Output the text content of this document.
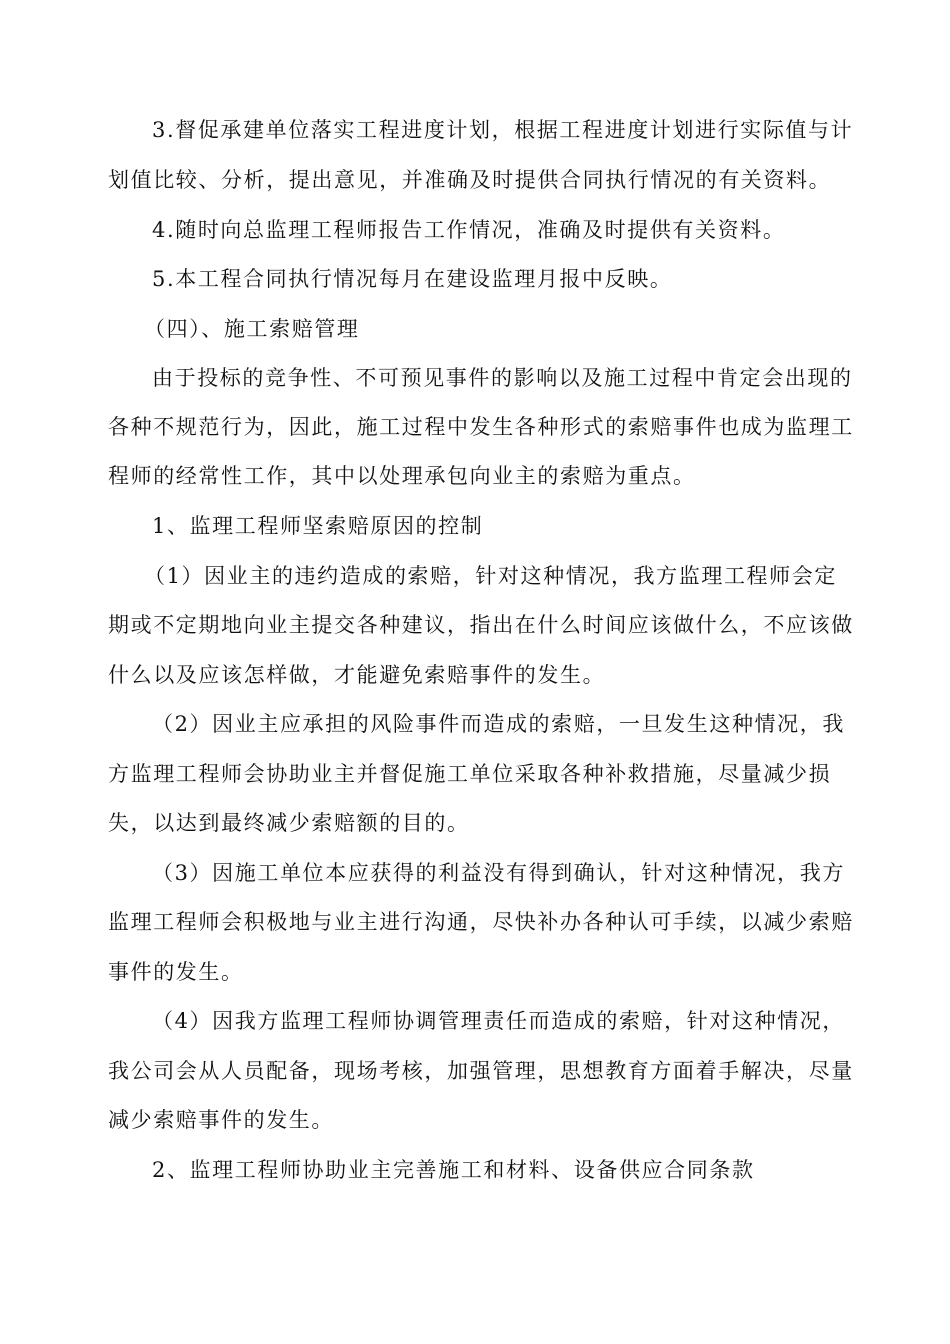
3.督促承建单位落实工程进度计划，根据工程进度计划进行实际值与计
划值比较、分析，提出意见，并准确及时提供合同执行情况的有关资料。
4.随时向总监理工程师报告工作情况，准确及时提供有关资料。
5.本工程合同执行情况每月在建设监理月报中反映。
（四）、施工索赔管理
由于投标的竞争性、不可预见事件的影响以及施工过程中肯定会出现的
各种不规范行为，因此，施工过程中发生各种形式的索赔事件也成为监理工
程师的经常性工作，其中以处理承包向业主的索赔为重点。
1、监理工程师坚索赔原因的控制
（1）因业主的违约造成的索赔，针对这种情况，我方监理工程师会定
期或不定期地向业主提交各种建议，指出在什么时间应该做什么，不应该做
什么以及应该怎样做，才能避免索赔事件的发生。
（2）因业主应承担的风险事件而造成的索赔，一旦发生这种情况，我
方监理工程师会协助业主并督促施工单位采取各种补救措施，尽量减少损
失，以达到最终减少索赔额的目的。
（3）因施工单位本应获得的利益没有得到确认，针对这种情况，我方
监理工程师会积极地与业主进行沟通，尽快补办各种认可手续，以减少索赔
事件的发生。
（4）因我方监理工程师协调管理责任而造成的索赔，针对这种情况，
我公司会从人员配备，现场考核，加强管理，思想教育方面着手解决，尽量
减少索赔事件的发生。
2、监理工程师协助业主完善施工和材料、设备供应合同条款
